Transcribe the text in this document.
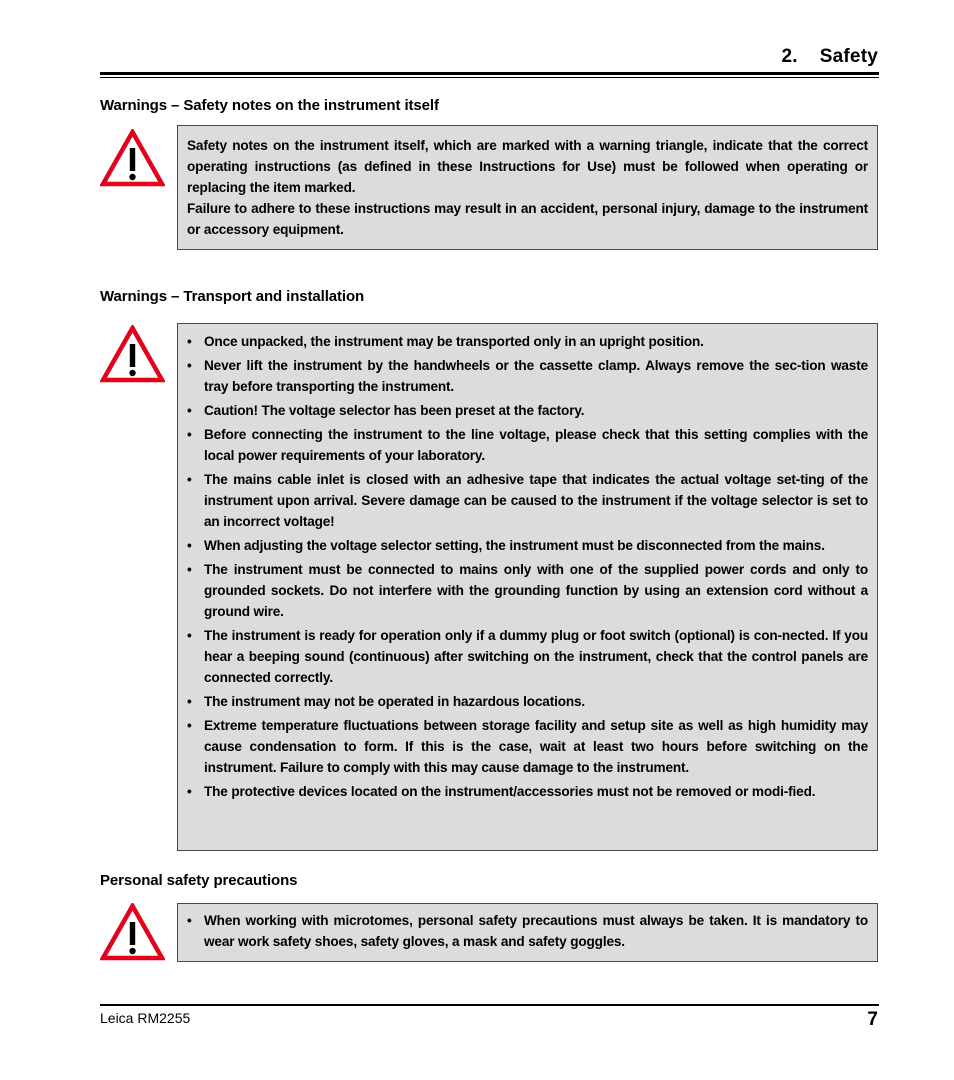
2. Safety
Warnings – Safety notes on the instrument itself

Safety notes on the instrument itself, which are marked with a warning triangle, indicate that the correct operating instructions (as defined in these Instructions for Use) must be followed when operating or replacing the item marked.

Failure to adhere to these instructions may result in an accident, personal injury, damage to the instrument or accessory equipment.

Warnings – Transport and installation
• Once unpacked, the instrument may be transported only in an upright position.
• Never lift the instrument by the handwheels or the cassette clamp. Always remove the sec-tion waste tray before transporting the instrument.
• Caution! The voltage selector has been preset at the factory.
• Before connecting the instrument to the line voltage, please check that this setting complies with the local power requirements of your laboratory.
• The mains cable inlet is closed with an adhesive tape that indicates the actual voltage set-ting of the instrument upon arrival. Severe damage can be caused to the instrument if the voltage selector is set to an incorrect voltage!
• When adjusting the voltage selector setting, the instrument must be disconnected from the mains.
• The instrument must be connected to mains only with one of the supplied power cords and only to grounded sockets. Do not interfere with the grounding function by using an extension cord without a ground wire.
• The instrument is ready for operation only if a dummy plug or foot switch (optional) is con-nected. If you hear a beeping sound (continuous) after switching on the instrument, check that the control panels are connected correctly.
• The instrument may not be operated in hazardous locations.
• Extreme temperature fluctuations between storage facility and setup site as well as high humidity may cause condensation to form. If this is the case, wait at least two hours before switching on the instrument. Failure to comply with this may cause damage to the instrument.
• The protective devices located on the instrument/accessories must not be removed or modi-fied.
Personal safety precautions
• When working with microtomes, personal safety precautions must always be taken. It is mandatory to wear work safety shoes, safety gloves, a mask and safety goggles.
Leica RM2255	7
